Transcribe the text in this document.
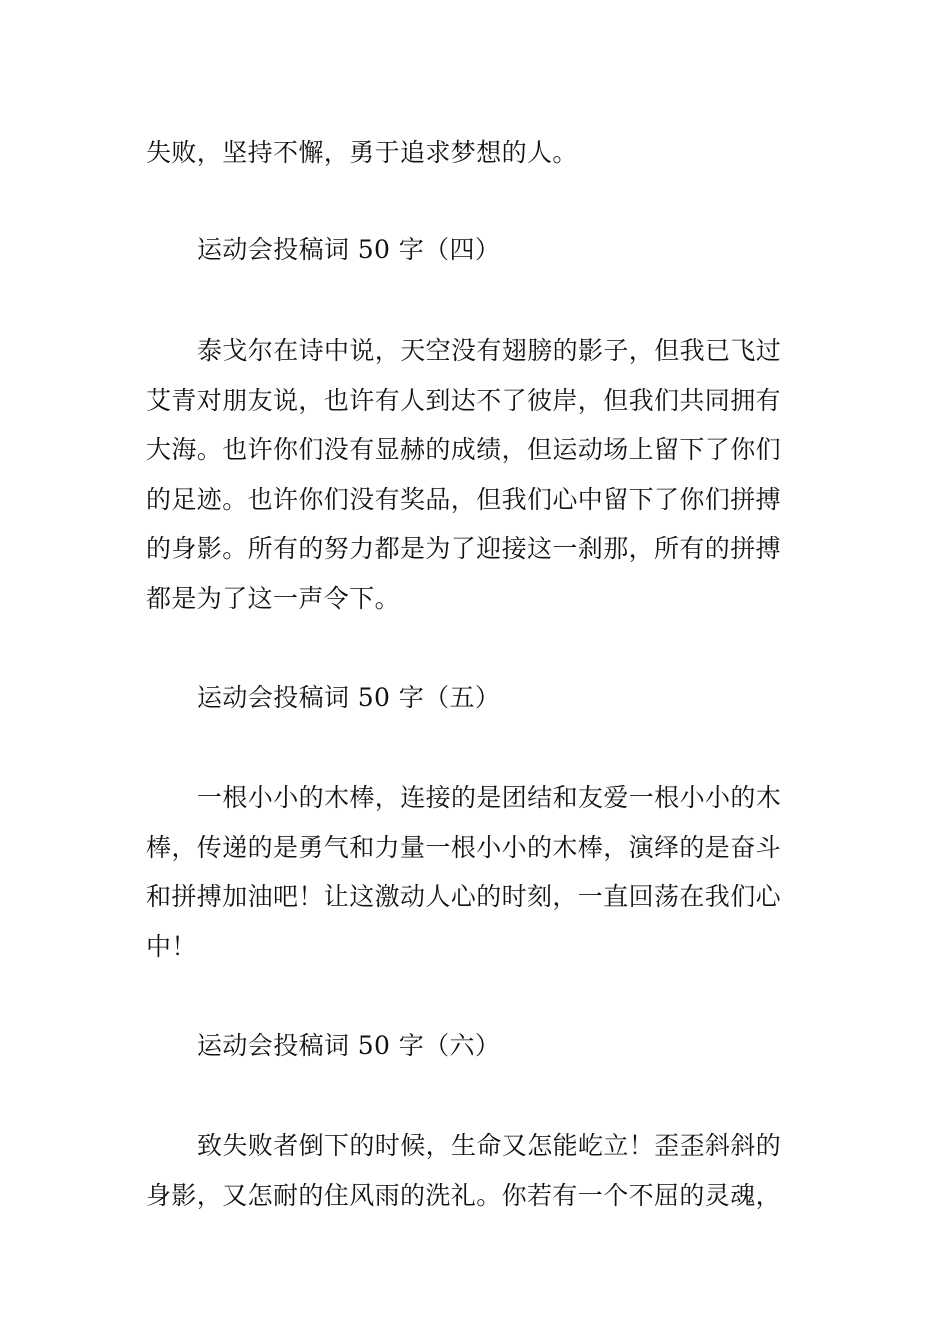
失败，坚持不懈，勇于追求梦想的人。

运动会投稿词 50 字（四）

泰戈尔在诗中说，天空没有翅膀的影子，但我已飞过
艾青对朋友说，也许有人到达不了彼岸，但我们共同拥有
大海。也许你们没有显赫的成绩，但运动场上留下了你们
的足迹。也许你们没有奖品，但我们心中留下了你们拼搏
的身影。所有的努力都是为了迎接这一刹那，所有的拼搏
都是为了这一声令下。

运动会投稿词 50 字（五）

一根小小的木棒，连接的是团结和友爱一根小小的木
棒，传递的是勇气和力量一根小小的木棒，演绎的是奋斗
和拼搏加油吧！让这激动人心的时刻，一直回荡在我们心
中！

运动会投稿词 50 字（六）

致失败者倒下的时候，生命又怎能屹立！歪歪斜斜的
身影，又怎耐的住风雨的洗礼。你若有一个不屈的灵魂，
